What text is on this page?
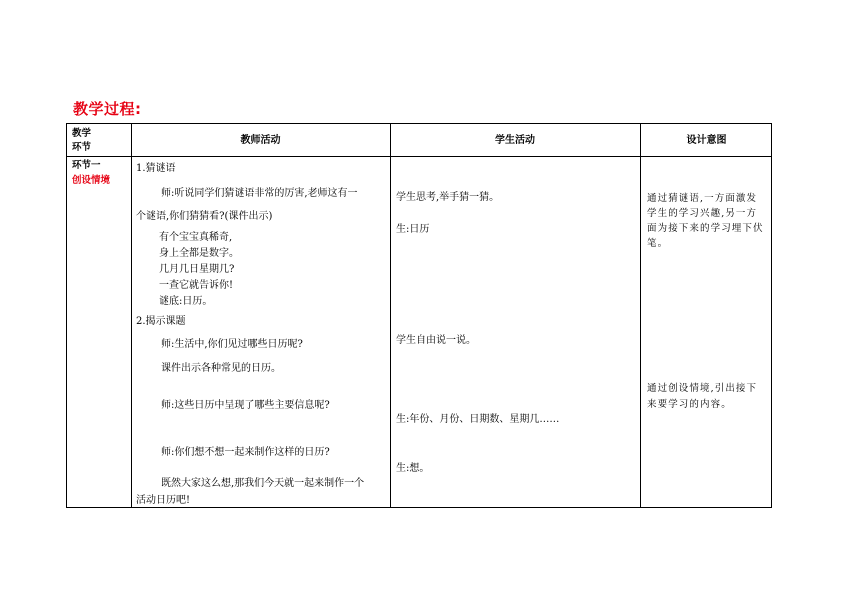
教学过程:
教学
环节
教师活动	学生活动	设计意图
环节一
创设情境
1.猜谜语
师:听说同学们猜谜语非常的厉害,老师这有一
个谜语,你们猜猜看?(课件出示)
有个宝宝真稀奇,
身上全都是数字。
几月几日星期几?
一查它就告诉你!
谜底:日历。
2.揭示课题
师:生活中,你们见过哪些日历呢?
课件出示各种常见的日历。
师:这些日历中呈现了哪些主要信息呢?
师:你们想不想一起来制作这样的日历?
既然大家这么想,那我们今天就一起来制作一个
活动日历吧!
学生思考,举手猜一猜。
生:日历
学生自由说一说。
生:年份、月份、日期数、星期几……
生:想。
通过猜谜语,一方面激发
学生的学习兴趣,另一方
面为接下来的学习埋下伏
笔。
通过创设情境,引出接下
来要学习的内容。
